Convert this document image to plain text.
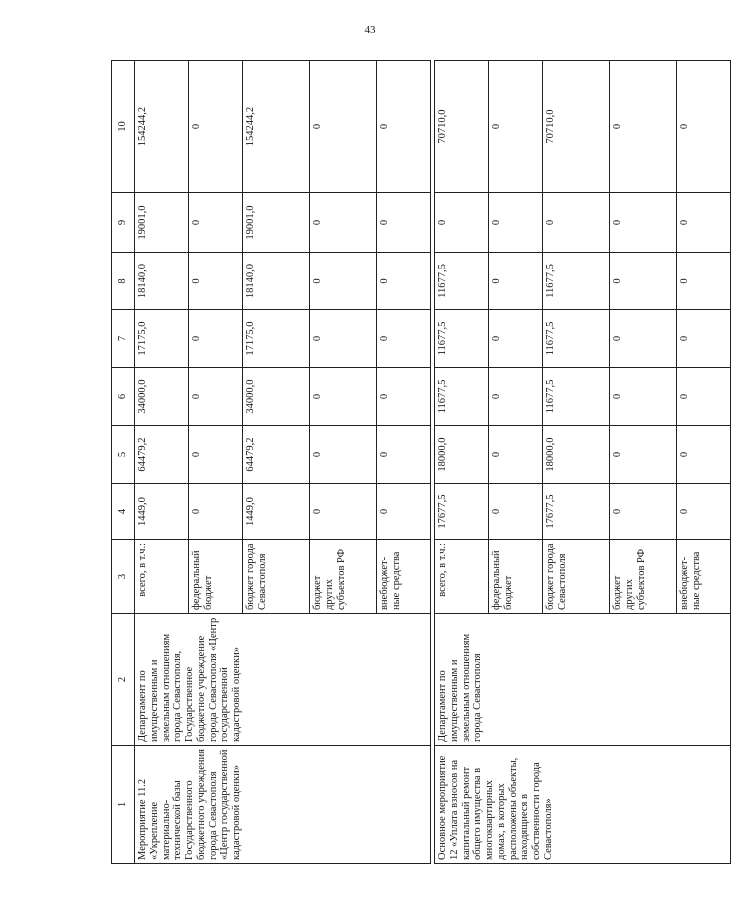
43
1	2	3	4	5	6	7	8	9	10
Мероприятие 11.2 «Укрепление материально-технической базы Государственного бюджетного учреждения города Севастополя «Центр государственной кадастровой оценки»	Департамент по имущественным и земельным отношениям города Севастополя, Государственное бюджетное учреждение города Севастополя «Центр государственной кадастровой оценки»	всего, в т.ч.:	1449,0	64479,2	34000,0	17175,0	18140,0	19001,0	154244,2
		федеральный бюджет	0	0	0	0	0	0	0
		бюджет города Севастополя	1449,0	64479,2	34000,0	17175,0	18140,0	19001,0	154244,2
		бюджет других субъектов РФ	0	0	0	0	0	0	0
		внебюджет-ные средства	0	0	0	0	0	0	0

Основное мероприятие 12 «Уплата взносов на капитальный ремонт общего имущества в многоквартирных домах, в которых расположены объекты, находящиеся в собственности города Севастополя»	Департамент по имущественным и земельным отношениям города Севастополя	всего, в т.ч.:	17677,5	18000,0	11677,5	11677,5	11677,5	0	70710,0
		федеральный бюджет	0	0	0	0	0	0	0
		бюджет города Севастополя	17677,5	18000,0	11677,5	11677,5	11677,5	0	70710,0
		бюджет других субъектов РФ	0	0	0	0	0	0	0
		внебюджет-ные средства	0	0	0	0	0	0	0
